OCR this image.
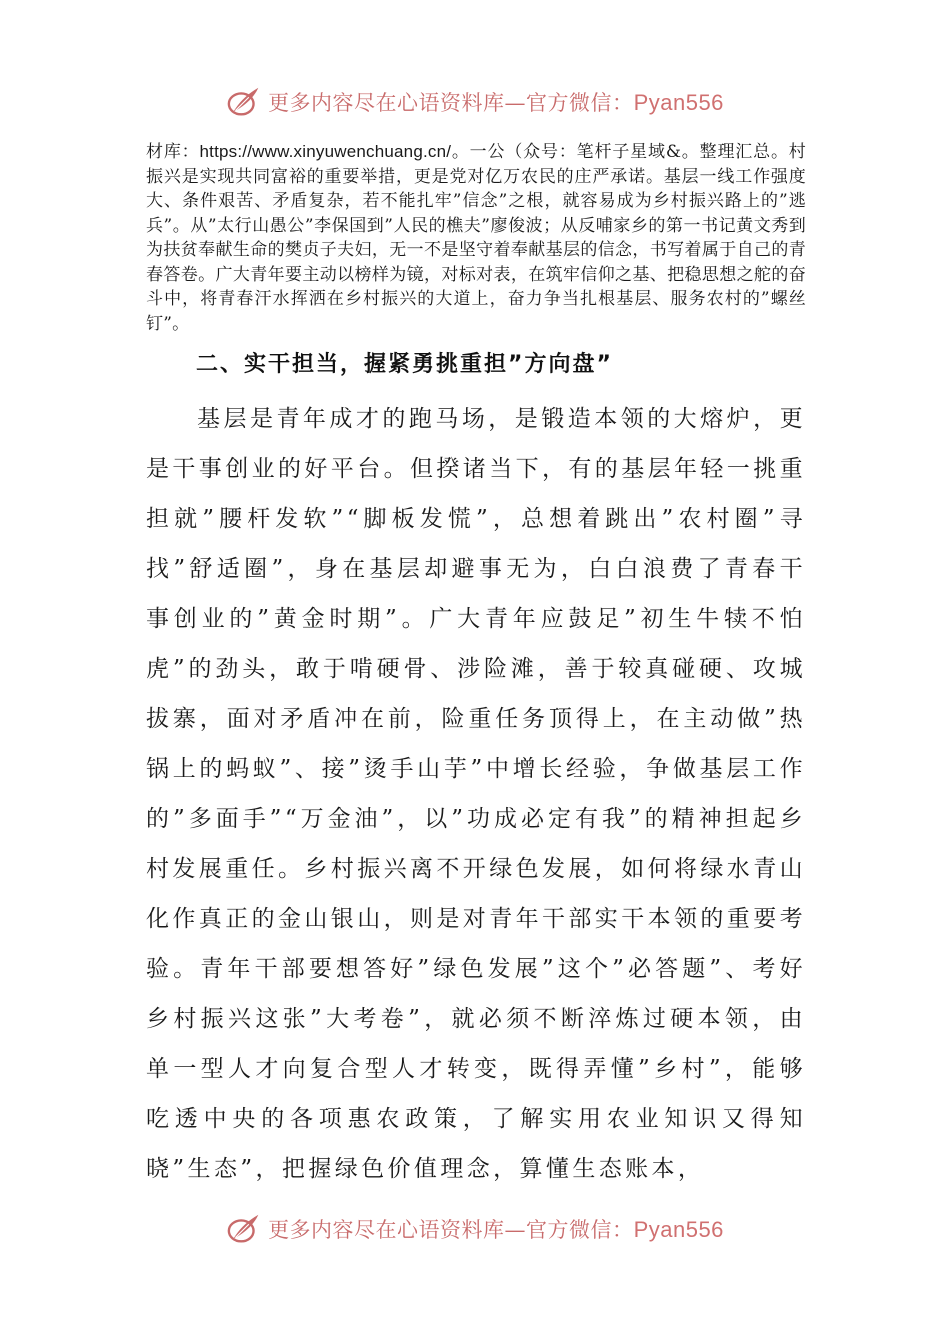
更多内容尽在心语资料库—官方微信：Pyan556

材库：https://www.xinyuwenchuang.cn/。一公（众号：笔杆子星域&。整理汇总。村振兴是实现共同富裕的重要举措，更是党对亿万农民的庄严承诺。基层一线工作强度大、条件艰苦、矛盾复杂，若不能扎牢”信念”之根，就容易成为乡村振兴路上的”逃兵”。从”太行山愚公”李保国到”人民的樵夫”廖俊波；从反哺家乡的第一书记黄文秀到为扶贫奉献生命的樊贞子夫妇，无一不是坚守着奉献基层的信念，书写着属于自己的青春答卷。广大青年要主动以榜样为镜，对标对表，在筑牢信仰之基、把稳思想之舵的奋斗中，将青春汗水挥洒在乡村振兴的大道上，奋力争当扎根基层、服务农村的”螺丝钉”。

二、实干担当，握紧勇挑重担”方向盘”

基层是青年成才的跑马场，是锻造本领的大熔炉，更是干事创业的好平台。但揆诸当下，有的基层年轻一挑重担就”腰杆发软”“脚板发慌”，总想着跳出”农村圈”寻找”舒适圈”，身在基层却避事无为，白白浪费了青春干事创业的”黄金时期”。广大青年应鼓足”初生牛犊不怕虎”的劲头，敢于啃硬骨、涉险滩，善于较真碰硬、攻城拔寨，面对矛盾冲在前，险重任务顶得上，在主动做”热锅上的蚂蚁”、接”烫手山芋”中增长经验，争做基层工作的”多面手”“万金油”，以”功成必定有我”的精神担起乡村发展重任。乡村振兴离不开绿色发展，如何将绿水青山化作真正的金山银山，则是对青年干部实干本领的重要考验。青年干部要想答好”绿色发展”这个”必答题”、考好乡村振兴这张”大考卷”，就必须不断淬炼过硬本领，由单一型人才向复合型人才转变，既得弄懂”乡村”，能够吃透中央的各项惠农政策，了解实用农业知识又得知晓”生态”，把握绿色价值理念，算懂生态账本，

更多内容尽在心语资料库—官方微信：Pyan556
